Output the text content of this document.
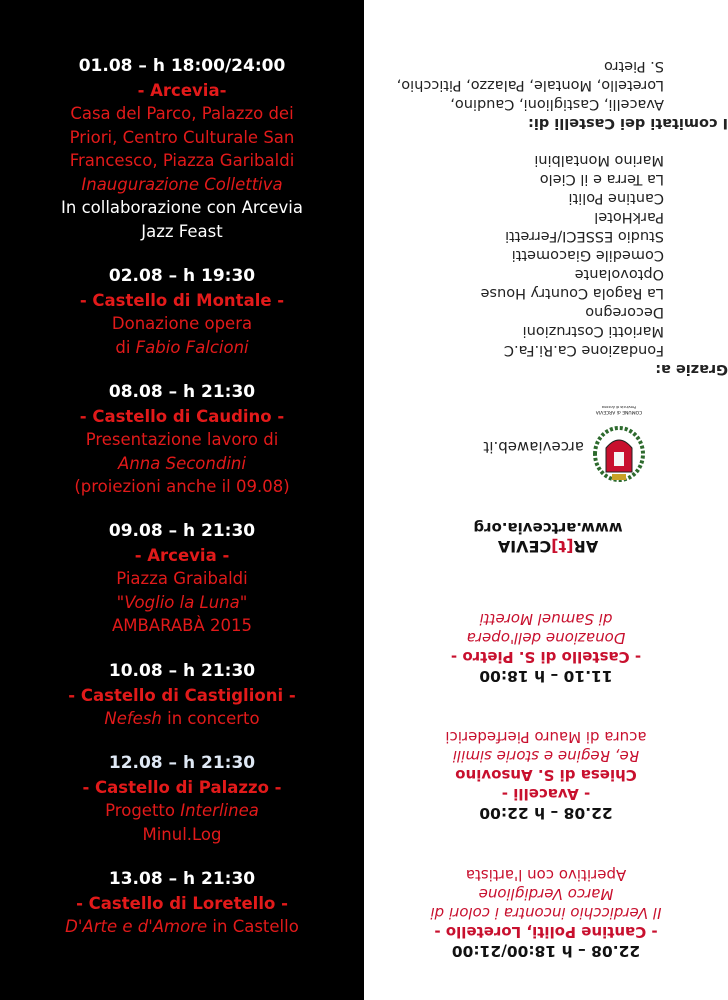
01.08 – h 18:00/24:00
- Arcevia-
Casa del Parco, Palazzo dei
Priori, Centro Culturale San
Francesco, Piazza Garibaldi
Inaugurazione Collettiva
In collaborazione con Arcevia
Jazz Feast
02.08 – h 19:30
- Castello di Montale -
Donazione opera
di Fabio Falcioni
08.08 – h 21:30
- Castello di Caudino -
Presentazione lavoro di
Anna Secondini
(proiezioni anche il 09.08)
09.08 – h 21:30
- Arcevia -
Piazza Graibaldi
"Voglio la Luna"
AMBARABÀ 2015
10.08 – h 21:30
- Castello di Castiglioni -
Nefesh in concerto
12.08 – h 21:30
- Castello di Palazzo -
Progetto Interlinea
Minul.Log
13.08 – h 21:30
- Castello di Loretello -
D'Arte e d'Amore in Castello
22.08 – h 18:00/21:00
- Cantine Politi, Loretello -
Il Verdicchio incontra i colori di
Marco Verdiglione
Aperitivo con l'artista
22.08 – h 22:00
- Avacelli -
Chiesa di S. Ansovino
Re, Regine e storie simili
acura di Mauro Pierfederici
11.10 – h 18:00
- Castello di S. Pietro -
Donazione dell'opera
di Samuel Moretti
AR[t]CEVIA
www.artcevia.org
COMUNE di ARCEVIA
Provincia di Ancona
arceviaweb.it
Grazie a:
Fondazione Ca.Ri.Fa.C
Mariotti Costruzioni
Decoregno
La Ragola Country House
Optovolante
Comedile Giacometti
Studio ESSECI/Ferretti
ParkHotel
Cantine Politi
La Terra e il Cielo
Marino Montalbini
I comitati dei Castelli di:
Avacelli, Castiglioni, Caudino,
Loretello, Montale, Palazzo, Piticchio,
S. Pietro
